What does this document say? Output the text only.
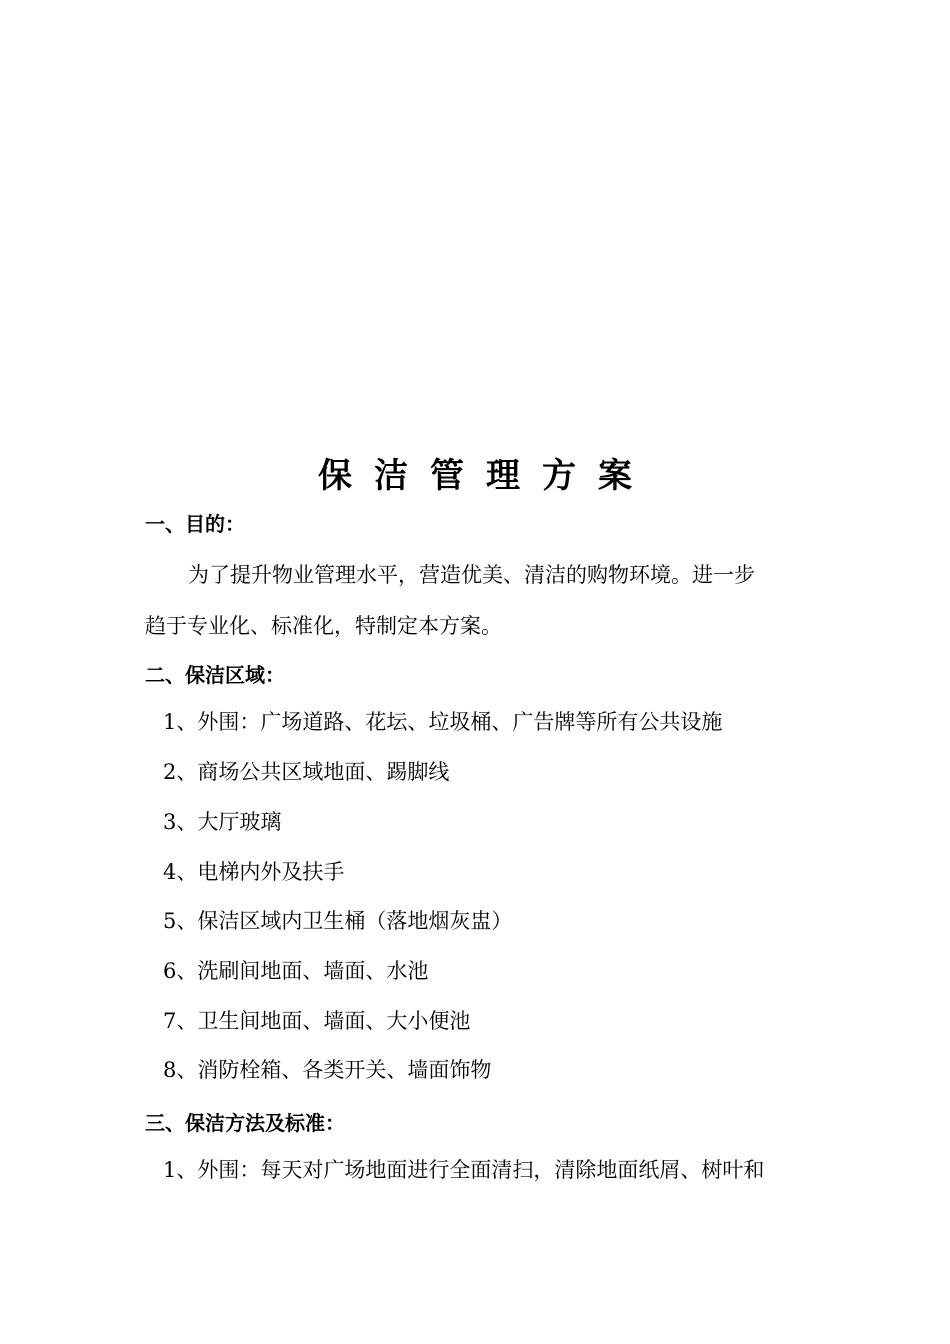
保洁管理方案
一、目的：
为了提升物业管理水平，营造优美、清洁的购物环境。进一步
趋于专业化、标准化，特制定本方案。
二、保洁区域：
1、外围：广场道路、花坛、垃圾桶、广告牌等所有公共设施
2、商场公共区域地面、踢脚线
3、大厅玻璃
4、电梯内外及扶手
5、保洁区域内卫生桶（落地烟灰盅）
6、洗刷间地面、墙面、水池
7、卫生间地面、墙面、大小便池
8、消防栓箱、各类开关、墙面饰物
三、保洁方法及标准：
1、外围：每天对广场地面进行全面清扫，清除地面纸屑、树叶和
